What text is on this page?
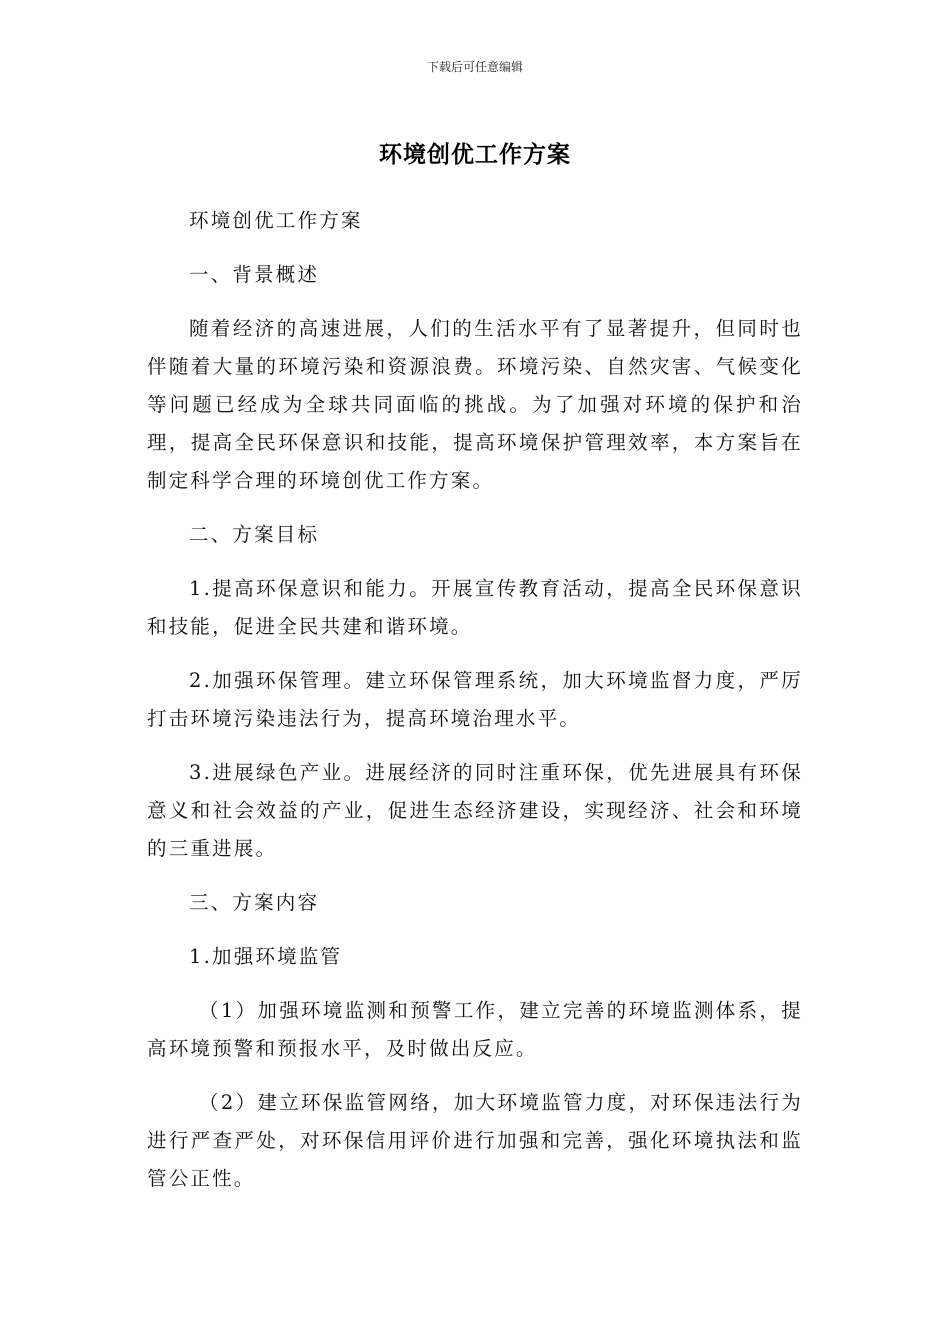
下载后可任意编辑
环境创优工作方案

环境创优工作方案

一、背景概述

随着经济的高速进展，人们的生活水平有了显著提升，但同时也伴随着大量的环境污染和资源浪费。环境污染、自然灾害、气候变化等问题已经成为全球共同面临的挑战。为了加强对环境的保护和治理，提高全民环保意识和技能，提高环境保护管理效率，本方案旨在制定科学合理的环境创优工作方案。

二、方案目标

1.提高环保意识和能力。开展宣传教育活动，提高全民环保意识和技能，促进全民共建和谐环境。

2.加强环保管理。建立环保管理系统，加大环境监督力度，严厉打击环境污染违法行为，提高环境治理水平。

3.进展绿色产业。进展经济的同时注重环保，优先进展具有环保意义和社会效益的产业，促进生态经济建设，实现经济、社会和环境的三重进展。

三、方案内容

1.加强环境监管

（1）加强环境监测和预警工作，建立完善的环境监测体系，提高环境预警和预报水平，及时做出反应。

（2）建立环保监管网络，加大环境监管力度，对环保违法行为进行严查严处，对环保信用评价进行加强和完善，强化环境执法和监管公正性。
